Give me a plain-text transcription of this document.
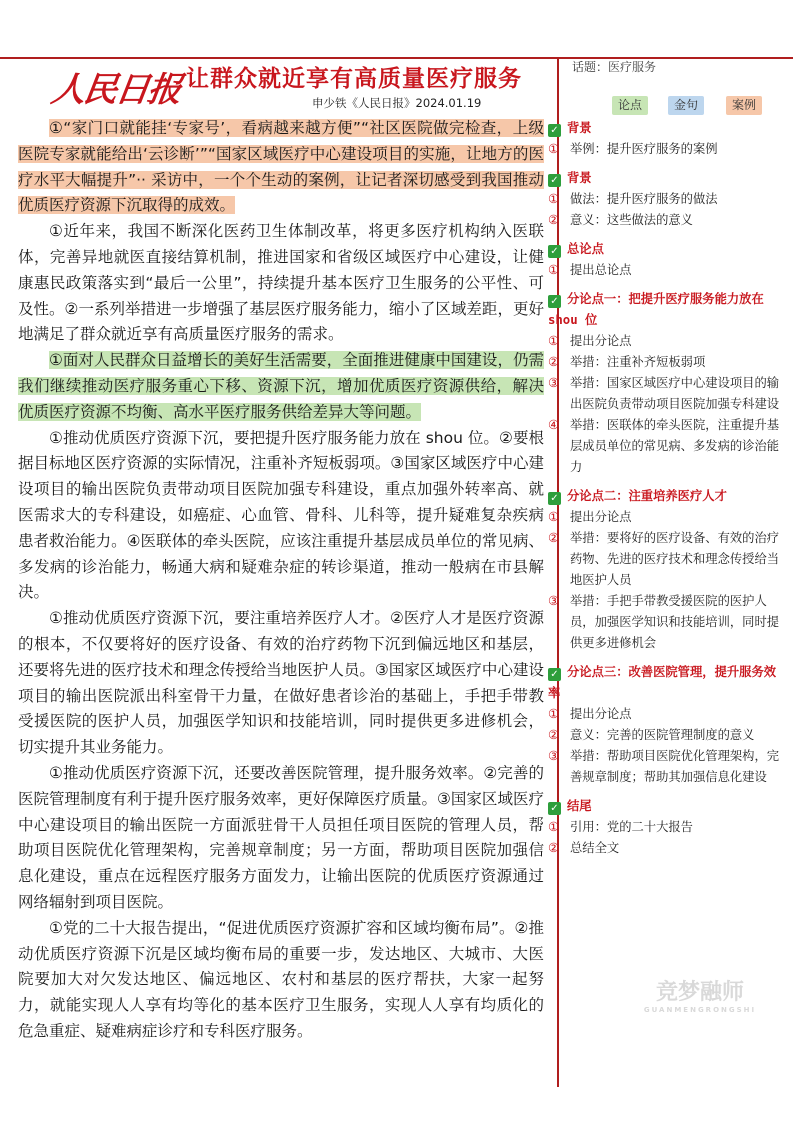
人民日报 让群众就近享有高质量医疗服务
申少铁《人民日报》2024.01.19
话题：医疗服务
论点	金句	案例

①“家门口就能挂‘专家号’，看病越来越方便”“社区医院做完检查，上级医院专家就能给出‘云诊断’”“国家区域医疗中心建设项目的实施，让地方的医疗水平大幅提升”·· 采访中，一个个生动的案例，让记者深切感受到我国推动优质医疗资源下沉取得的成效。

①近年来，我国不断深化医药卫生体制改革，将更多医疗机构纳入医联体，完善异地就医直接结算机制，推进国家和省级区域医疗中心建设，让健康惠民政策落实到“最后一公里”，持续提升基本医疗卫生服务的公平性、可及性。②一系列举措进一步增强了基层医疗服务能力，缩小了区域差距，更好地满足了群众就近享有高质量医疗服务的需求。

①面对人民群众日益增长的美好生活需要，全面推进健康中国建设，仍需我们继续推动医疗服务重心下移、资源下沉，增加优质医疗资源供给，解决优质医疗资源不均衡、高水平医疗服务供给差异大等问题。

①推动优质医疗资源下沉，要把提升医疗服务能力放在 shou 位。②要根据目标地区医疗资源的实际情况，注重补齐短板弱项。③国家区域医疗中心建设项目的输出医院负责带动项目医院加强专科建设，重点加强外转率高、就医需求大的专科建设，如癌症、心血管、骨科、儿科等，提升疑难复杂疾病患者救治能力。④医联体的牵头医院，应该注重提升基层成员单位的常见病、多发病的诊治能力，畅通大病和疑难杂症的转诊渠道，推动一般病在市县解决。

①推动优质医疗资源下沉，要注重培养医疗人才。②医疗人才是医疗资源的根本，不仅要将好的医疗设备、有效的治疗药物下沉到偏远地区和基层，还要将先进的医疗技术和理念传授给当地医护人员。③国家区域医疗中心建设项目的输出医院派出科室骨干力量，在做好患者诊治的基础上，手把手带教受援医院的医护人员，加强医学知识和技能培训，同时提供更多进修机会，切实提升其业务能力。

①推动优质医疗资源下沉，还要改善医院管理，提升服务效率。②完善的医院管理制度有利于提升医疗服务效率，更好保障医疗质量。③国家区域医疗中心建设项目的输出医院一方面派驻骨干人员担任项目医院的管理人员，帮助项目医院优化管理架构，完善规章制度；另一方面，帮助项目医院加强信息化建设，重点在远程医疗服务方面发力，让输出医院的优质医疗资源通过网络辐射到项目医院。

①党的二十大报告提出，“促进优质医疗资源扩容和区域均衡布局”。②推动优质医疗资源下沉是区域均衡布局的重要一步，发达地区、大城市、大医院要加大对欠发达地区、偏远地区、农村和基层的医疗帮扶，大家一起努力，就能实现人人享有均等化的基本医疗卫生服务，实现人人享有均质化的危急重症、疑难病症诊疗和专科医疗服务。

✓ 背景
① 举例：提升医疗服务的案例
✓ 背景
① 做法：提升医疗服务的做法
② 意义：这些做法的意义
✓ 总论点
① 提出总论点
✓ 分论点一：把提升医疗服务能力放在 shou 位
① 提出分论点
② 举措：注重补齐短板弱项
③ 举措：国家区域医疗中心建设项目的输出医院负责带动项目医院加强专科建设
④ 举措：医联体的牵头医院，注重提升基层成员单位的常见病、多发病的诊治能力
✓ 分论点二：注重培养医疗人才
① 提出分论点
② 举措：要将好的医疗设备、有效的治疗药物、先进的医疗技术和理念传授给当地医护人员
③ 举措：手把手带教受援医院的医护人员，加强医学知识和技能培训，同时提供更多进修机会
✓ 分论点三：改善医院管理，提升服务效率
① 提出分论点
② 意义：完善的医院管理制度的意义
③ 举措：帮助项目医院优化管理架构，完善规章制度；帮助其加强信息化建设
✓ 结尾
① 引用：党的二十大报告
② 总结全文
竞梦融师
GUANMENGRONGSHI
